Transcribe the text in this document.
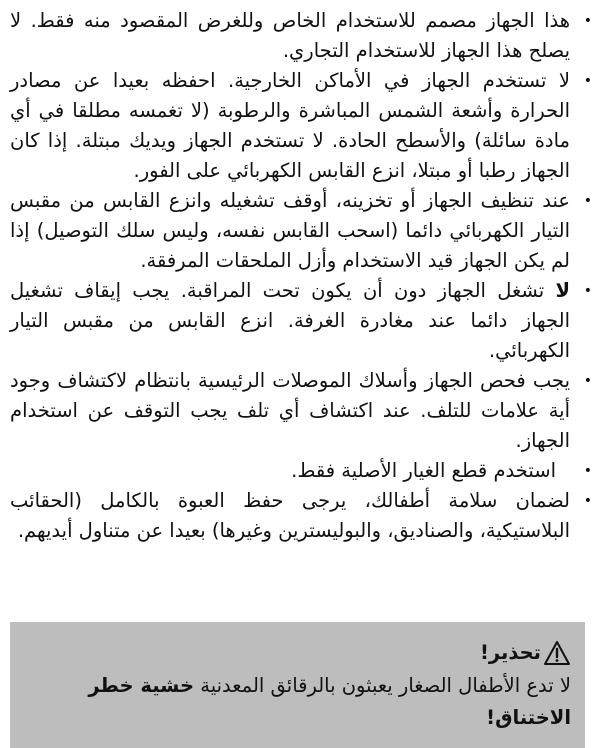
•
هذا الجهاز مصمم للاستخدام الخاص وللغرض المقصود منه فقط. لا يصلح هذا الجهاز للاستخدام التجاري.
•
لا تستخدم الجهاز في الأماكن الخارجية. احفظه بعيدا عن مصادر الحرارة وأشعة الشمس المباشرة والرطوبة (لا تغمسه مطلقا في أي مادة سائلة) والأسطح الحادة. لا تستخدم الجهاز ويديك مبتلة. إذا كان الجهاز رطبا أو مبتلا، انزع القابس الكهربائي على الفور.
•
عند تنظيف الجهاز أو تخزينه، أوقف تشغيله وانزع القابس من مقبس التيار الكهربائي دائما (اسحب القابس نفسه، وليس سلك التوصيل) إذا لم يكن الجهاز قيد الاستخدام وأزل الملحقات المرفقة.
•
لا تشغل الجهاز دون أن يكون تحت المراقبة. يجب إيقاف تشغيل الجهاز دائما عند مغادرة الغرفة. انزع القابس من مقبس التيار الكهربائي.
•
يجب فحص الجهاز وأسلاك الموصلات الرئيسية بانتظام لاكتشاف وجود أية علامات للتلف. عند اكتشاف أي تلف يجب التوقف عن استخدام الجهاز.
•
استخدم قطع الغيار الأصلية فقط.
•
لضمان سلامة أطفالك، يرجى حفظ العبوة بالكامل (الحقائب البلاستيكية، والصناديق، والبوليسترين وغيرها) بعيدا عن متناول أيديهم.
تحذير!

لا تدع الأطفال الصغار يعبثون بالرقائق المعدنية خشية خطر الاختناق!
